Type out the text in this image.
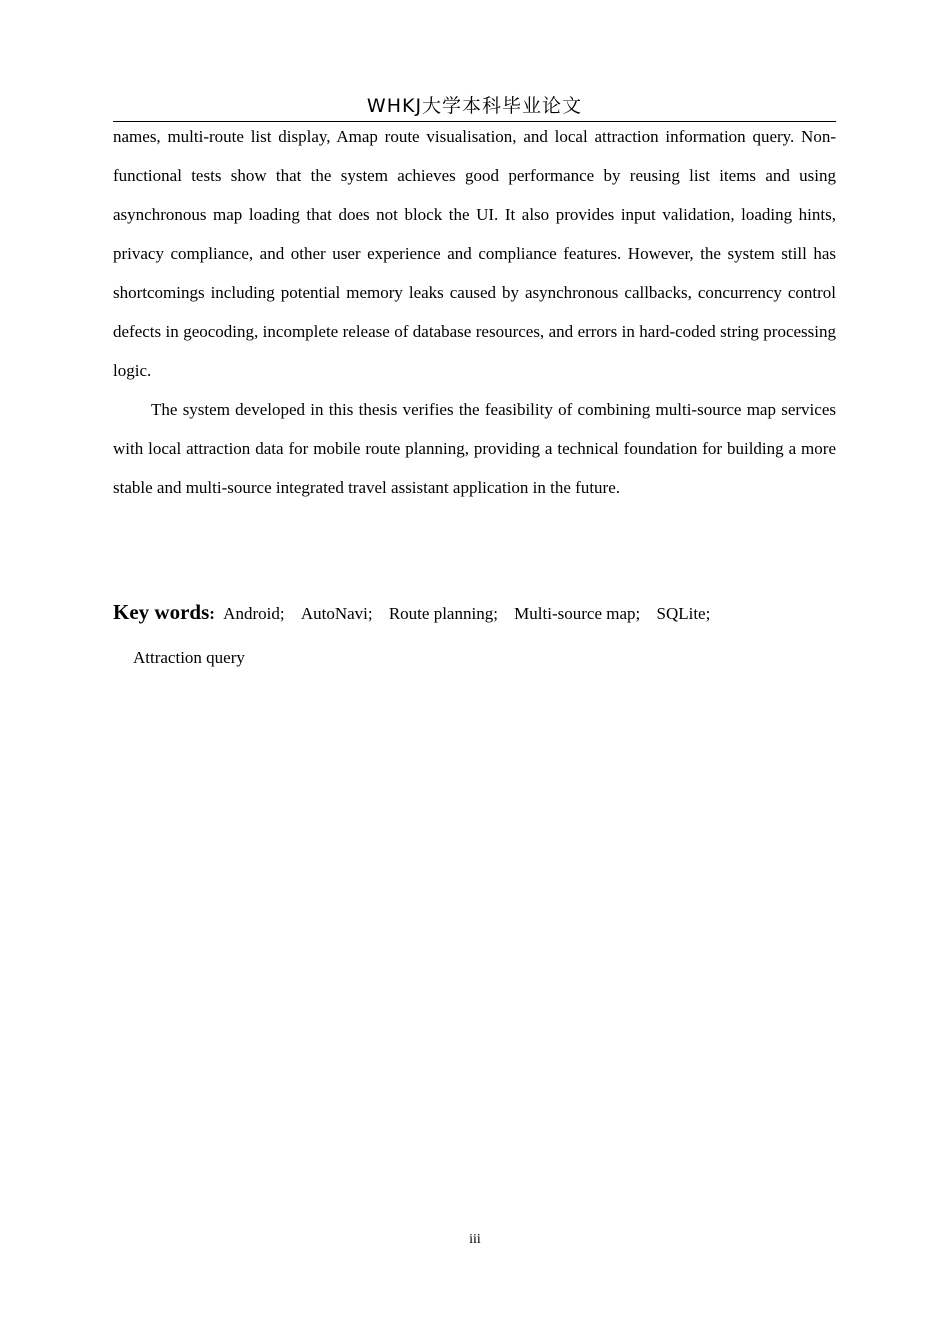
WHKJ大学本科毕业论文

names, multi-route list display, Amap route visualisation, and local attraction information query. Non-functional tests show that the system achieves good performance by reusing list items and using asynchronous map loading that does not block the UI. It also provides input validation, loading hints, privacy compliance, and other user experience and compliance features. However, the system still has shortcomings including potential memory leaks caused by asynchronous callbacks, concurrency control defects in geocoding, incomplete release of database resources, and errors in hard-coded string processing logic.

The system developed in this thesis verifies the feasibility of combining multi-source map services with local attraction data for mobile route planning, providing a technical foundation for building a more stable and multi-source integrated travel assistant application in the future.

Key words: Android; AutoNavi; Route planning; Multi-source map; SQLite;
Attraction query
iii
